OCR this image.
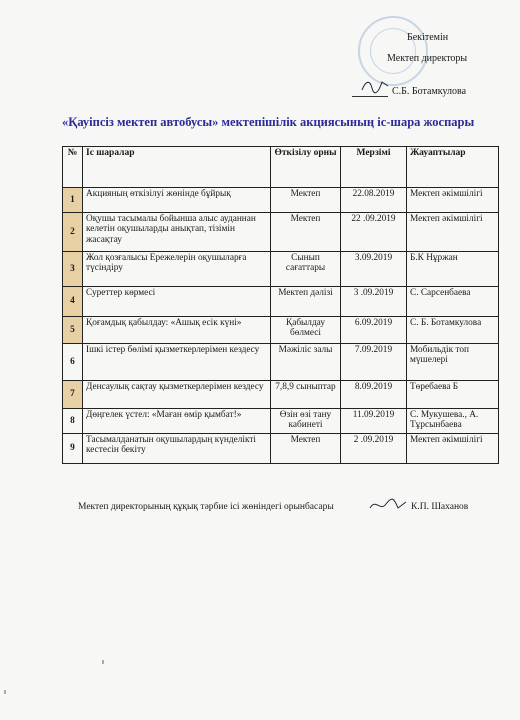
Бекітемін
Мектеп директоры
С.Б. Ботамкулова
«Қауіпсіз мектеп автобусы» мектепішілік акциясының іс-шара жоспары
№	Іс шаралар	Өткізілу орны	Мерзімі	Жауаптылар
1	Акцияның өткізілуі жөнінде бұйрық	Мектеп	22.08.2019	Мектеп әкімшілігі
2	Оқушы тасымалы бойынша алыс ауданнан келетін оқушыларды анықтап, тізімін жасақтау	Мектеп	22 .09.2019	Мектеп әкімшілігі
3	Жол қозғалысы Ережелерін оқушыларға түсіндіру	Сынып сағаттары	3.09.2019	Б.К Нұржан
4	Суреттер көрмесі	Мектеп дәлізі	3 .09.2019	С. Сарсенбаева
5	Қоғамдық қабылдау: «Ашық есік күні»	Қабылдау бөлмесі	6.09.2019	С. Б. Ботамкулова
6	Ішкі істер бөлімі қызметкерлерімен кездесу	Мәжіліс залы	7.09.2019	Мобильдік топ мүшелері
7	Денсаулық сақтау қызметкерлерімен кездесу	7,8,9 сыныптар	8.09.2019	Төребаева Б
8	Дөңгелек үстел: «Маған өмір қымбат!»	Өзін өзі тану кабинеті	11.09.2019	С. Мукушева., А. Тұрсынбаева
9	Тасымалданатын оқушылардың күнделікті кестесін бекіту	Мектеп	2 .09.2019	Мектеп әкімшілігі
Мектеп директорының құқық тәрбие ісі жөніндегі орынбасары	К.П. Шаханов
